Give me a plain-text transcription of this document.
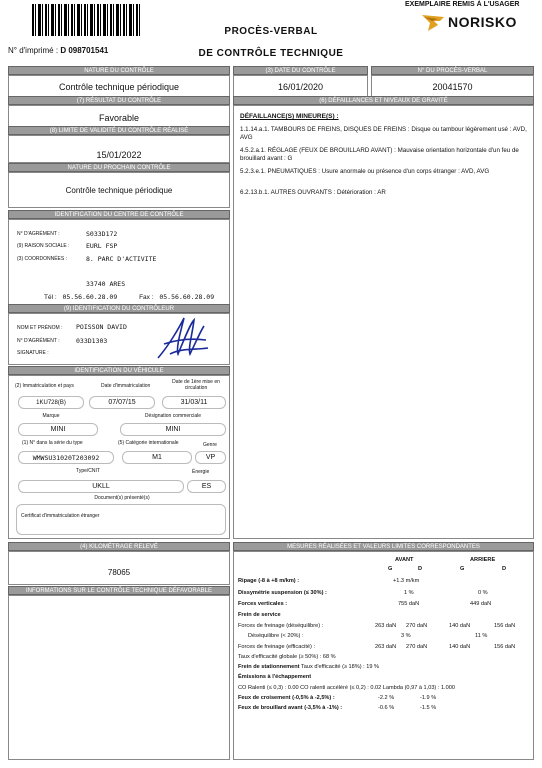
EXEMPLAIRE REMIS À L'USAGER
NORISKO
PROCÈS-VERBAL
DE CONTRÔLE TECHNIQUE
N° d'imprimé : D 098701541
NATURE DU CONTRÔLE
Contrôle technique périodique
(3) DATE DU CONTRÔLE
16/01/2020
N° DU PROCÈS-VERBAL
20041570
(7) RÉSULTAT DU CONTRÔLE
Favorable
(8) LIMITE DE VALIDITÉ DU CONTRÔLE RÉALISÉ
15/01/2022
NATURE DU PROCHAIN CONTRÔLE
Contrôle technique périodique
(6) DÉFAILLANCES ET NIVEAUX DE GRAVITÉ
DÉFAILLANCE(S) MINEURE(S) :
1.1.14.a.1. TAMBOURS DE FREINS, DISQUES DE FREINS : Disque ou tambour légèrement usé : AVD, AVG
4.5.2.a.1. RÉGLAGE (FEUX DE BROUILLARD AVANT) : Mauvaise orientation horizontale d'un feu de brouillard avant : G
5.2.3.e.1. PNEUMATIQUES : Usure anormale ou présence d'un corps étranger : AVD, AVG
6.2.13.b.1. AUTRES OUVRANTS : Détérioration : AR
IDENTIFICATION DU CENTRE DE CONTRÔLE
N° D'AGRÉMENT :	S033D172
(9) RAISON SOCIALE :	EURL FSP
(3) COORDONNÉES :	8. PARC D'ACTIVITE
33740 ARES
Tél : 05.56.60.28.09	Fax : 05.56.60.28.09
(9) IDENTIFICATION DU CONTRÔLEUR
NOM ET PRÉNOM : POISSON DAVID
N° D'AGRÉMENT :	033D1303
SIGNATURE :
IDENTIFICATION DU VÉHICULE
(2) Immatriculation et pays	Date d'immatriculation
Date de 1ère mise en circulation
1KU728(B)	07/07/15	31/03/11
Marque	Désignation commerciale
MINI	MINI
(1) N° dans la série du type	(5) Catégorie internationale	Genre
WMWSU31020T203092	M1	VP
Type/CNIT	Énergie
UKLL	ES
Document(s) présenté(s)
Certificat d'immatriculation étranger
(4) KILOMÉTRAGE RELEVÉ
78065
INFORMATIONS SUR LE CONTRÔLE TECHNIQUE DÉFAVORABLE
MESURES RÉALISÉES ET VALEURS LIMITES CORRESPONDANTES
AVANT	ARRIERE
G	D	G	D
Ripage (-8 à +8 m/km) :	+1.3 m/km
Dissymétrie suspension (≤ 30%) :	1 %	0 %
Forces verticales :	755 daN	449 daN
Frein de service
Forces de freinage (déséquilibre) :	263 daN 270 daN	140 daN	156 daN
Déséquilibre (< 20%) :	3 %	11 %
Forces de freinage (efficacité) :	263 daN 270 daN	140 daN	156 daN
Taux d'efficacité globale (≥ 50%) : 68 %
Frein de stationnement Taux d'efficacité (≥ 18%) : 19 %
Émissions à l'échappement
CO Ralenti (≤ 0,3) : 0.00 CO ralenti accéléré (≤ 0,2) : 0.02 Lambda (0,97 à 1,03) : 1.000
Feux de croisement (-0,5% à -2,5%) :	-2.2 %	-1.9 %
Feux de brouillard avant (-3,5% à -1%) :	-0.6 %	-1.5 %
